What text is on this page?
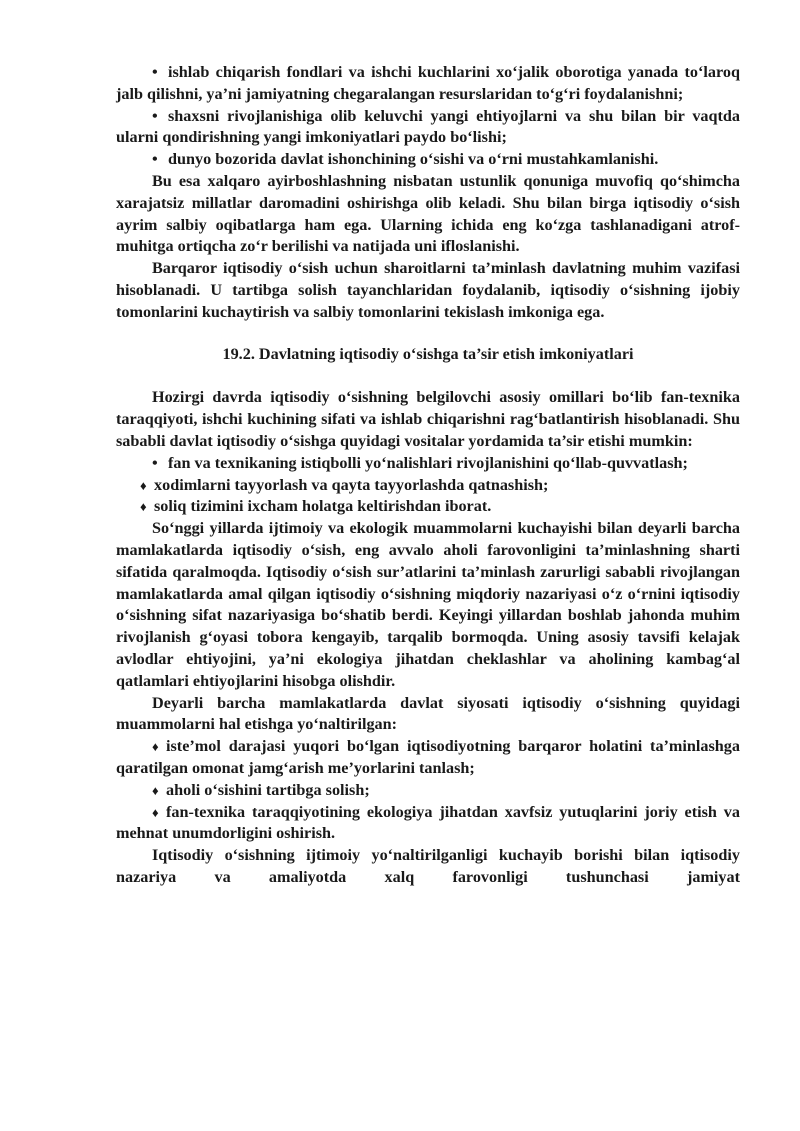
• ishlab chiqarish fondlari va ishchi kuchlarini xo‘jalik oborotiga yanada to‘laroq jalb qilishni, ya’ni jamiyatning chegaralangan resurslaridan to‘g‘ri foydalanishni;

• shaxsni rivojlanishiga olib keluvchi yangi ehtiyojlarni va shu bilan bir vaqtda ularni qondirishning yangi imkoniyatlari paydo bo‘lishi;

• dunyo bozorida davlat ishonchining o‘sishi va o‘rni mustahkamlanishi.

Bu esa xalqaro ayirboshlashning nisbatan ustunlik qonuniga muvofiq qo‘shimcha xarajatsiz millatlar daromadini oshirishga olib keladi. Shu bilan birga iqtisodiy o‘sish ayrim salbiy oqibatlarga ham ega. Ularning ichida eng ko‘zga tashlanadigani atrof-muhitga ortiqcha zo‘r berilishi va natijada uni ifloslanishi.

Barqaror iqtisodiy o‘sish uchun sharoitlarni ta’minlash davlatning muhim vazifasi hisoblanadi. U tartibga solish tayanchlaridan foydalanib, iqtisodiy o‘sishning ijobiy tomonlarini kuchaytirish va salbiy tomonlarini tekislash imkoniga ega.

19.2. Davlatning iqtisodiy o‘sishga ta’sir etish imkoniyatlari

Hozirgi davrda iqtisodiy o‘sishning belgilovchi asosiy omillari bo‘lib fan-texnika taraqqiyoti, ishchi kuchining sifati va ishlab chiqarishni rag‘batlantirish hisoblanadi. Shu sababli davlat iqtisodiy o‘sishga quyidagi vositalar yordamida ta’sir etishi mumkin:

• fan va texnikaning istiqbolli yo‘nalishlari rivojlanishini qo‘llab-quvvatlash;

♦ xodimlarni tayyorlash va qayta tayyorlashda qatnashish;

♦ soliq tizimini ixcham holatga keltirishdan iborat.

So‘nggi yillarda ijtimoiy va ekologik muammolarni kuchayishi bilan deyarli barcha mamlakatlarda iqtisodiy o‘sish, eng avvalo aholi farovonligini ta’minlashning sharti sifatida qaralmoqda. Iqtisodiy o‘sish sur’atlarini ta’minlash zarurligi sababli rivojlangan mamlakatlarda amal qilgan iqtisodiy o‘sishning miqdoriy nazariyasi o‘z o‘rnini iqtisodiy o‘sishning sifat nazariyasiga bo‘shatib berdi. Keyingi yillardan boshlab jahonda muhim rivojlanish g‘oyasi tobora kengayib, tarqalib bormoqda. Uning asosiy tavsifi kelajak avlodlar ehtiyojini, ya’ni ekologiya jihatdan cheklashlar va aholining kambag‘al qatlamlari ehtiyojlarini hisobga olishdir.

Deyarli barcha mamlakatlarda davlat siyosati iqtisodiy o‘sishning quyidagi muammolarni hal etishga yo‘naltirilgan:

♦ iste’mol darajasi yuqori bo‘lgan iqtisodiyotning barqaror holatini ta’minlashga qaratilgan omonat jamg‘arish me’yorlarini tanlash;

♦ aholi o‘sishini tartibga solish;

♦ fan-texnika taraqqiyotining ekologiya jihatdan xavfsiz yutuqlarini joriy etish va mehnat unumdorligini oshirish.

Iqtisodiy o‘sishning ijtimoiy yo‘naltirilganligi kuchayib borishi bilan iqtisodiy nazariya va amaliyotda xalq farovonligi tushunchasi jamiyat
